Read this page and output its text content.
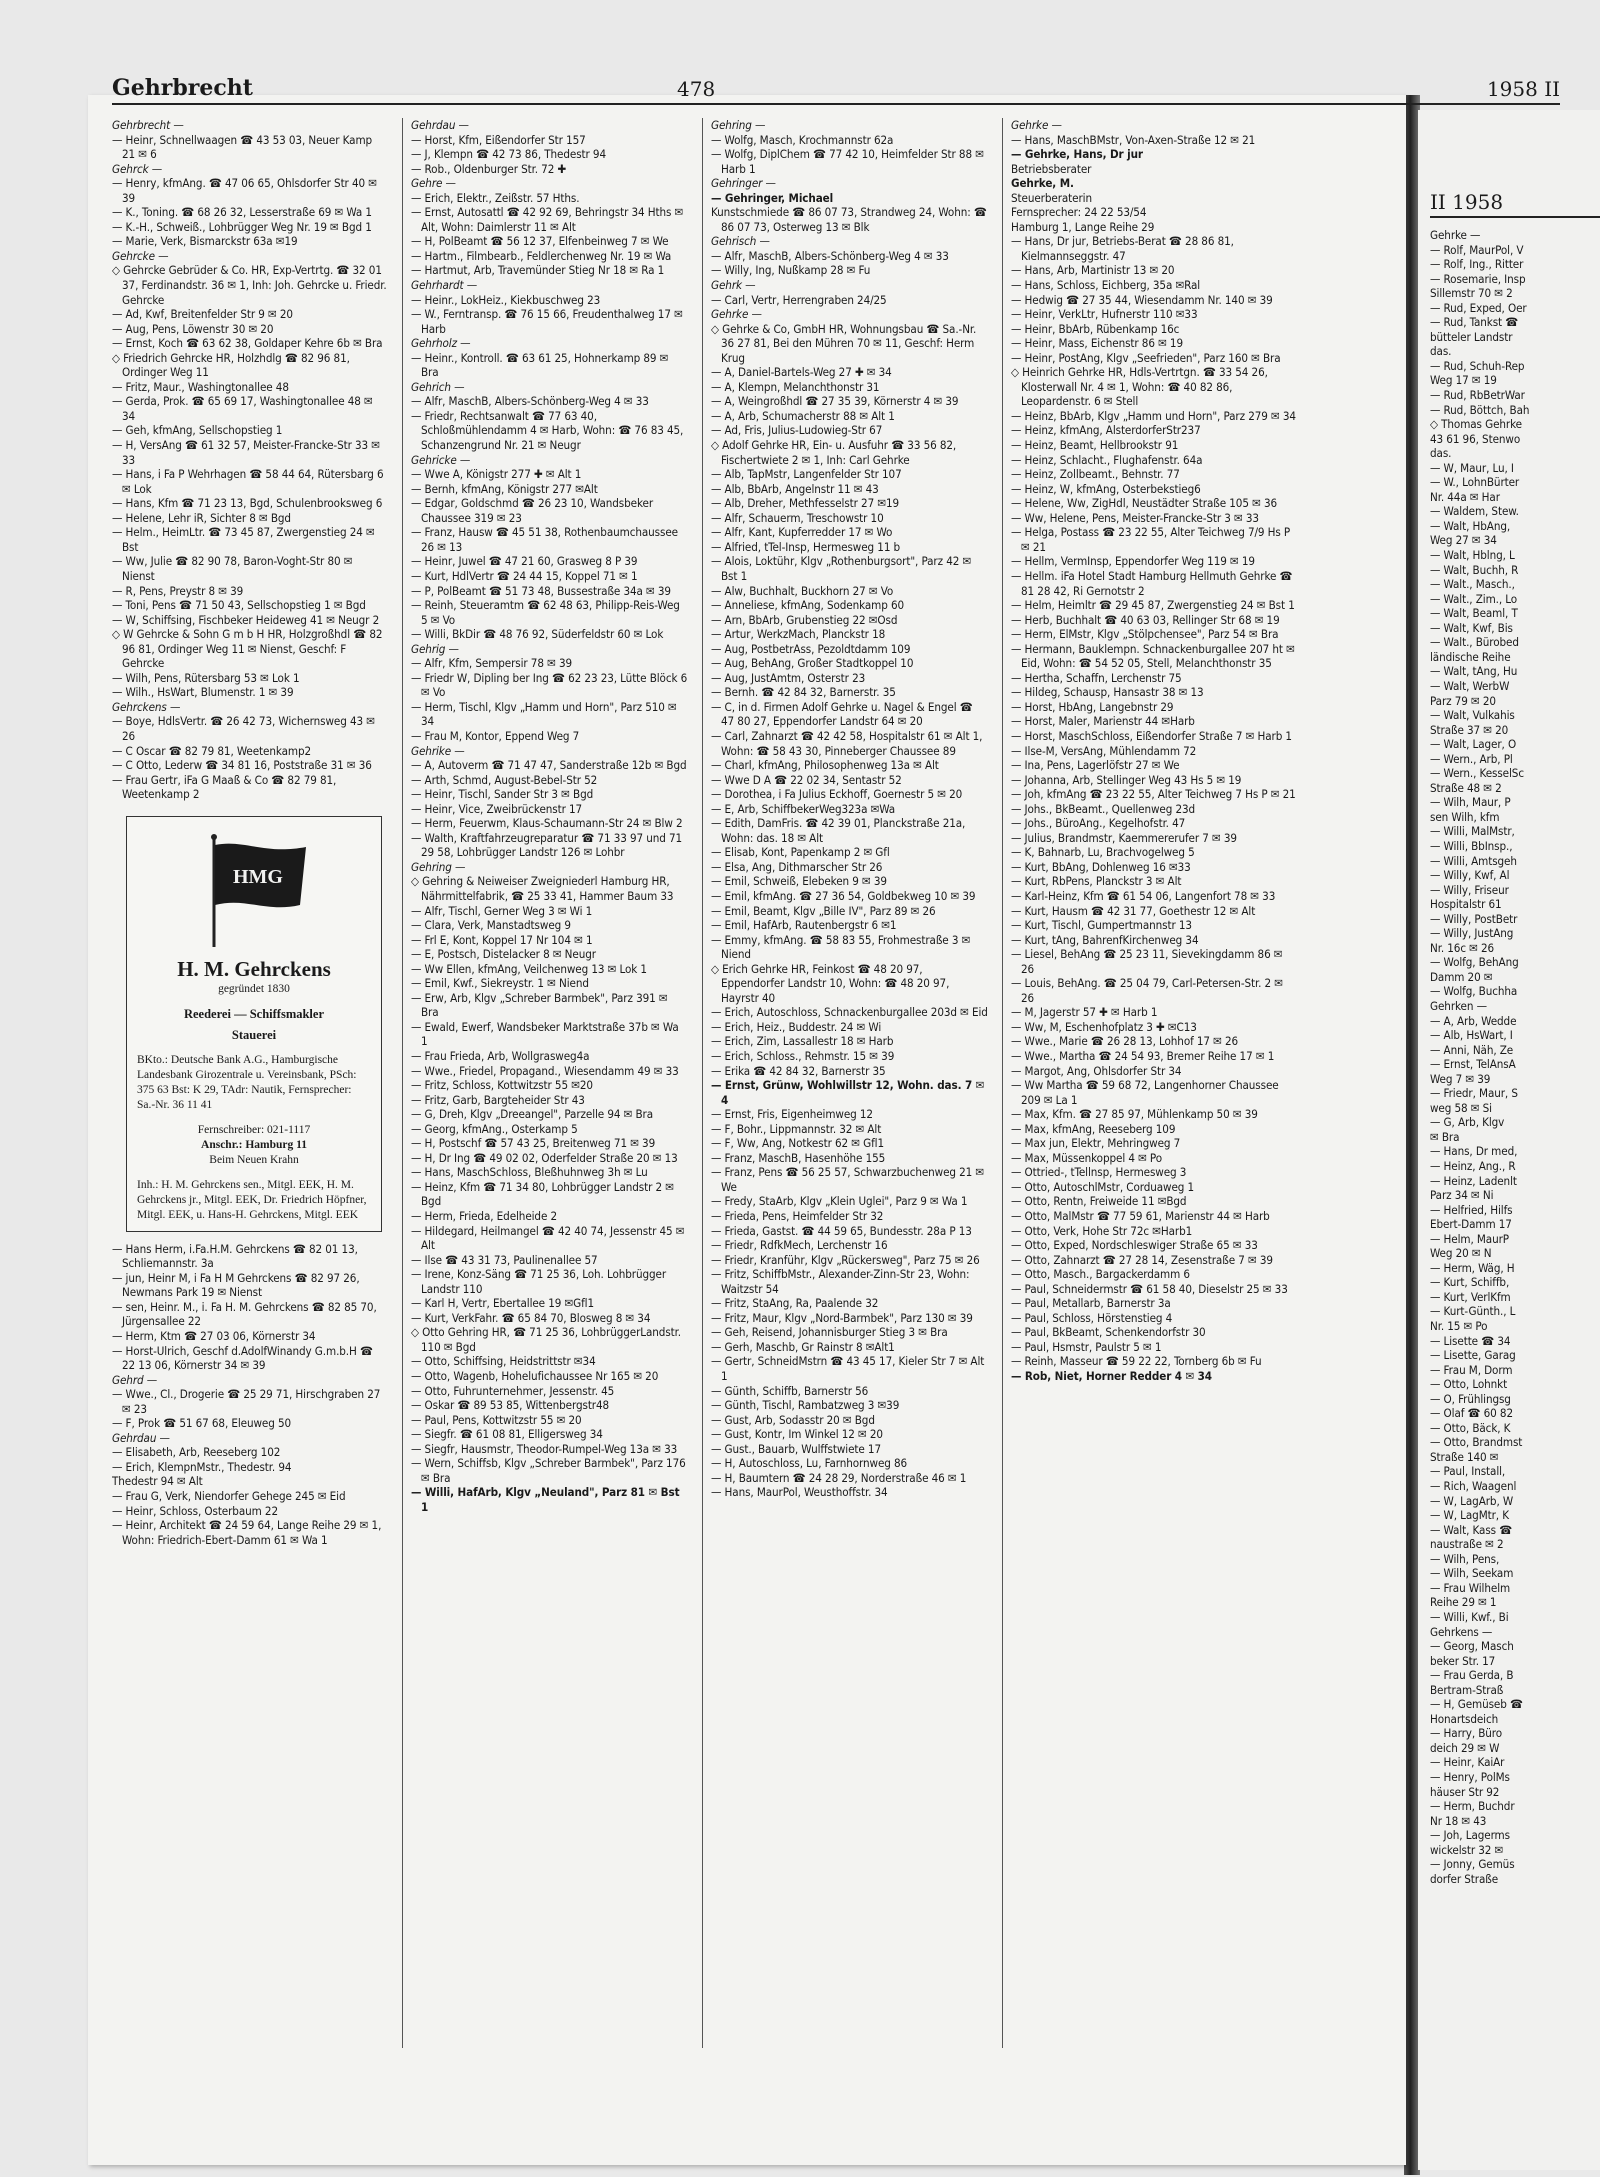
II 1958
Gehrke —
— Rolf, MaurPol, V
— Rolf, Ing., Ritter
— Rosemarie, Insp
Sillemstr 70 ✉ 2
— Rud, Exped, Oer
— Rud, Tankst ☎
bütteler Landstr
das.
— Rud, Schuh-Rep
Weg 17 ✉ 19
— Rud, RbBetrWar
— Rud, Böttch, Bah
◇ Thomas Gehrke
43 61 96, Stenwo
das.
— W, Maur, Lu, I
— W., LohnBürter
Nr. 44a ✉ Har
— Waldem, Stew.
— Walt, HbAng,
Weg 27 ✉ 34
— Walt, Hblng, L
— Walt, Buchh, R
— Walt., Masch.,
— Walt., Zim., Lo
— Walt, Beaml, T
— Walt, Kwf, Bis
— Walt., Bürobed
ländische Reihe
— Walt, tAng, Hu
— Walt, WerbW
Parz 79 ✉ 20
— Walt, Vulkahis
Straße 37 ✉ 20
— Walt, Lager, O
— Wern., Arb, Pl
— Wern., KesselSc
Straße 48 ✉ 2
— Wilh, Maur, P
sen Wilh, kfm
— Willi, MalMstr,
— Willi, BbInsp.,
— Willi, Amtsgeh
— Willy, Kwf, Al
— Willy, Friseur
Hospitalstr 61
— Willy, PostBetr
— Willy, JustAng
Nr. 16c ✉ 26
— Wolfg, BehAng
Damm 20 ✉
— Wolfg, Buchha
Gehrken —
— A, Arb, Wedde
— Alb, HsWart, I
— Anni, Näh, Ze
— Ernst, TelAnsA
Weg 7 ✉ 39
— Friedr, Maur, S
weg 58 ✉ Si
— G, Arb, Klgv
✉ Bra
— Hans, Dr med,
— Heinz, Ang., R
— Heinz, Ladenlt
Parz 34 ✉ Ni
— Helfried, Hilfs
Ebert-Damm 17
— Helm, MaurP
Weg 20 ✉ N
— Herm, Wäg, H
— Kurt, Schiffb,
— Kurt, VerlKfm
— Kurt-Günth., L
Nr. 15 ✉ Po
— Lisette ☎ 34
— Lisette, Garag
— Frau M, Dorm
— Otto, Lohnkt
— O, Frühlingsg
— Olaf ☎ 60 82
— Otto, Bäck, K
— Otto, Brandmst
Straße 140 ✉
— Paul, Install,
— Rich, Waagenl
— W, LagArb, W
— W, LagMtr, K
— Walt, Kass ☎
naustraße ✉ 2
— Wilh, Pens,
— Wilh, Seekam
— Frau Wilhelm
Reihe 29 ✉ 1
— Willi, Kwf., Bi
Gehrkens —
— Georg, Masch
beker Str. 17
— Frau Gerda, B
Bertram-Straß
— H, Gemüseb ☎
Honartsdeich
— Harry, Büro
deich 29 ✉ W
— Heinr, KaiAr
— Henry, PolMs
häuser Str 92
— Herm, Buchdr
Nr 18 ✉ 43
— Joh, Lagerms
wickelstr 32 ✉
— Jonny, Gemüs
dorfer Straße
Gehrbrecht	478	1958 II
Gehrbrecht —
— Heinr, Schnellwaagen ☎ 43 53 03, Neuer Kamp 21 ✉ 6
Gehrck —
— Henry, kfmAng. ☎ 47 06 65, Ohlsdorfer Str 40 ✉ 39
— K., Toning. ☎ 68 26 32, Lesserstraße 69 ✉ Wa 1
— K.-H., Schweiß., Lohbrügger Weg Nr. 19 ✉ Bgd 1
— Marie, Verk, Bismarckstr 63a ✉19
Gehrcke —
◇ Gehrcke Gebrüder & Co. HR, Exp-Vertrtg. ☎ 32 01 37, Ferdinandstr. 36 ✉ 1, Inh: Joh. Gehrcke u. Friedr. Gehrcke
— Ad, Kwf, Breitenfelder Str 9 ✉ 20
— Aug, Pens, Löwenstr 30 ✉ 20
— Ernst, Koch ☎ 63 62 38, Goldaper Kehre 6b ✉ Bra
◇ Friedrich Gehrcke HR, Holzhdlg ☎ 82 96 81, Ordinger Weg 11
— Fritz, Maur., Washingtonallee 48
— Gerda, Prok. ☎ 65 69 17, Washingtonallee 48 ✉ 34
— Geh, kfmAng, Sellschopstieg 1
— H, VersAng ☎ 61 32 57, Meister-Francke-Str 33 ✉ 33
— Hans, i Fa P Wehrhagen ☎ 58 44 64, Rütersbarg 6 ✉ Lok
— Hans, Kfm ☎ 71 23 13, Bgd, Schulenbrooksweg 6
— Helene, Lehr iR, Sichter 8 ✉ Bgd
— Helm., HeimLtr. ☎ 73 45 87, Zwergenstieg 24 ✉ Bst
— Ww, Julie ☎ 82 90 78, Baron-Voght-Str 80 ✉ Nienst
— R, Pens, Preystr 8 ✉ 39
— Toni, Pens ☎ 71 50 43, Sellschopstieg 1 ✉ Bgd
— W, Schiffsing, Fischbeker Heideweg 41 ✉ Neugr 2
◇ W Gehrcke & Sohn G m b H HR, Holzgroßhdl ☎ 82 96 81, Ordinger Weg 11 ✉ Nienst, Geschf: F Gehrcke
— Wilh, Pens, Rütersbarg 53 ✉ Lok 1
— Wilh., HsWart, Blumenstr. 1 ✉ 39
Gehrckens —
— Boye, HdlsVertr. ☎ 26 42 73, Wichernsweg 43 ✉ 26
— C Oscar ☎ 82 79 81, Weetenkamp2
— C Otto, Lederw ☎ 34 81 16, Poststraße 31 ✉ 36
— Frau Gertr, iFa G Maaß & Co ☎ 82 79 81, Weetenkamp 2
HMG
H. M. Gehrckens
gegründet 1830
Reederei — Schiffsmakler
Stauerei
BKto.: Deutsche Bank A.G., Hamburgische Landesbank Girozentrale u. Vereinsbank, PSch: 375 63 Bst: K 29, TAdr: Nautik, Fernsprecher: Sa.-Nr. 36 11 41
Fernschreiber: 021-1117
Anschr.: Hamburg 11
Beim Neuen Krahn
Inh.: H. M. Gehrckens sen., Mitgl. EEK, H. M. Gehrckens jr., Mitgl. EEK, Dr. Friedrich Höpfner, Mitgl. EEK, u. Hans-H. Gehrckens, Mitgl. EEK
— Hans Herm, i.Fa.H.M. Gehrckens ☎ 82 01 13, Schliemannstr. 3a
— jun, Heinr M, i Fa H M Gehrckens ☎ 82 97 26, Newmans Park 19 ✉ Nienst
— sen, Heinr. M., i. Fa H. M. Gehrckens ☎ 82 85 70, Jürgensallee 22
— Herm, Ktm ☎ 27 03 06, Körnerstr 34
— Horst-Ulrich, Geschf d.AdolfWinandy G.m.b.H ☎ 22 13 06, Körnerstr 34 ✉ 39
Gehrd —
— Wwe., Cl., Drogerie ☎ 25 29 71, Hirschgraben 27 ✉ 23
— F, Prok ☎ 51 67 68, Eleuweg 50
Gehrdau —
— Elisabeth, Arb, Reeseberg 102
— Erich, KlempnMstr., Thedestr. 94
Thedestr 94 ✉ Alt
— Frau G, Verk, Niendorfer Gehege 245 ✉ Eid
— Heinr, Schloss, Osterbaum 22
— Heinr, Architekt ☎ 24 59 64, Lange Reihe 29 ✉ 1, Wohn: Friedrich-Ebert-Damm 61 ✉ Wa 1
Gehrdau —
— Horst, Kfm, Eißendorfer Str 157
— J, Klempn ☎ 42 73 86, Thedestr 94
— Rob., Oldenburger Str. 72 ✚
Gehre —
— Erich, Elektr., Zeißstr. 57 Hths.
— Ernst, Autosattl ☎ 42 92 69, Behringstr 34 Hths ✉ Alt, Wohn: Daimlerstr 11 ✉ Alt
— H, PolBeamt ☎ 56 12 37, Elfenbeinweg 7 ✉ We
— Hartm., Filmbearb., Feldlerchenweg Nr. 19 ✉ Wa
— Hartmut, Arb, Travemünder Stieg Nr 18 ✉ Ra 1
Gehrhardt —
— Heinr., LokHeiz., Kiekbuschweg 23
— W., Ferntransp. ☎ 76 15 66, Freudenthalweg 17 ✉ Harb
Gehrholz —
— Heinr., Kontroll. ☎ 63 61 25, Hohnerkamp 89 ✉ Bra
Gehrich —
— Alfr, MaschB, Albers-Schönberg-Weg 4 ✉ 33
— Friedr, Rechtsanwalt ☎ 77 63 40, Schloßmühlendamm 4 ✉ Harb, Wohn: ☎ 76 83 45, Schanzengrund Nr. 21 ✉ Neugr
Gehricke —
— Wwe A, Königstr 277 ✚ ✉ Alt 1
— Bernh, kfmAng, Königstr 277 ✉Alt
— Edgar, Goldschmd ☎ 26 23 10, Wandsbeker Chaussee 319 ✉ 23
— Franz, Hausw ☎ 45 51 38, Rothenbaumchaussee 26 ✉ 13
— Heinr, Juwel ☎ 47 21 60, Grasweg 8 P 39
— Kurt, HdlVertr ☎ 24 44 15, Koppel 71 ✉ 1
— P, PolBeamt ☎ 51 73 48, Bussestraße 34a ✉ 39
— Reinh, Steueramtm ☎ 62 48 63, Philipp-Reis-Weg 5 ✉ Vo
— Willi, BkDir ☎ 48 76 92, Süderfeldstr 60 ✉ Lok
Gehrig —
— Alfr, Kfm, Sempersir 78 ✉ 39
— Friedr W, Dipling ber Ing ☎ 62 23 23, Lütte Blöck 6 ✉ Vo
— Herm, Tischl, Klgv „Hamm und Horn", Parz 510 ✉ 34
— Frau M, Kontor, Eppend Weg 7
Gehrike —
— A, Autoverm ☎ 71 47 47, Sanderstraße 12b ✉ Bgd
— Arth, Schmd, August-Bebel-Str 52
— Heinr, Tischl, Sander Str 3 ✉ Bgd
— Heinr, Vice, Zweibrückenstr 17
— Herm, Feuerwm, Klaus-Schaumann-Str 24 ✉ Blw 2
— Walth, Kraftfahrzeugreparatur ☎ 71 33 97 und 71 29 58, Lohbrügger Landstr 126 ✉ Lohbr
Gehring —
◇ Gehring & Neiweiser Zweigniederl Hamburg HR, Nährmittelfabrik, ☎ 25 33 41, Hammer Baum 33
— Alfr, Tischl, Gerner Weg 3 ✉ Wi 1
— Clara, Verk, Manstadtsweg 9
— Frl E, Kont, Koppel 17 Nr 104 ✉ 1
— E, Postsch, Distelacker 8 ✉ Neugr
— Ww Ellen, kfmAng, Veilchenweg 13 ✉ Lok 1
— Emil, Kwf., Siekreystr. 1 ✉ Niend
— Erw, Arb, Klgv „Schreber Barmbek", Parz 391 ✉ Bra
— Ewald, Ewerf, Wandsbeker Marktstraße 37b ✉ Wa 1
— Frau Frieda, Arb, Wollgrasweg4a
— Wwe., Friedel, Propagand., Wiesendamm 49 ✉ 33
— Fritz, Schloss, Kottwitzstr 55 ✉20
— Fritz, Garb, Bargteheider Str 43
— G, Dreh, Klgv „Dreeangel", Parzelle 94 ✉ Bra
— Georg, kfmAng., Osterkamp 5
— H, Postschf ☎ 57 43 25, Breitenweg 71 ✉ 39
— H, Dr Ing ☎ 49 02 02, Oderfelder Straße 20 ✉ 13
— Hans, MaschSchloss, Bleßhuhnweg 3h ✉ Lu
— Heinz, Kfm ☎ 71 34 80, Lohbrügger Landstr 2 ✉ Bgd
— Herm, Frieda, Edelheide 2
— Hildegard, Heilmangel ☎ 42 40 74, Jessenstr 45 ✉Alt
— Ilse ☎ 43 31 73, Paulinenallee 57
— Irene, Konz-Säng ☎ 71 25 36, Loh. Lohbrügger Landstr 110
— Karl H, Vertr, Ebertallee 19 ✉Gfl1
— Kurt, VerkFahr. ☎ 65 84 70, Blosweg 8 ✉ 34
◇ Otto Gehring HR, ☎ 71 25 36, LohbrüggerLandstr. 110 ✉ Bgd
— Otto, Schiffsing, Heidstrittstr ✉34
— Otto, Wagenb, Hohelufichaussee Nr 165 ✉ 20
— Otto, Fuhrunternehmer, Jessenstr. 45
— Oskar ☎ 89 53 85, Wittenbergstr48
— Paul, Pens, Kottwitzstr 55 ✉ 20
— Siegfr. ☎ 61 08 81, Elligersweg 34
— Siegfr, Hausmstr, Theodor-Rumpel-Weg 13a ✉ 33
— Wern, Schiffsb, Klgv „Schreber Barmbek", Parz 176 ✉ Bra
— Willi, HafArb, Klgv „Neuland", Parz 81 ✉ Bst 1
Gehring —
— Wolfg, Masch, Krochmannstr 62a
— Wolfg, DiplChem ☎ 77 42 10, Heimfelder Str 88 ✉ Harb 1
Gehringer —
— Gehringer, Michael
Kunstschmiede ☎ 86 07 73, Strandweg 24, Wohn: ☎ 86 07 73, Osterweg 13 ✉ Blk
Gehrisch —
— Alfr, MaschB, Albers-Schönberg-Weg 4 ✉ 33
— Willy, Ing, Nußkamp 28 ✉ Fu
Gehrk —
— Carl, Vertr, Herrengraben 24/25
Gehrke —
◇ Gehrke & Co, GmbH HR, Wohnungsbau ☎ Sa.-Nr. 36 27 81, Bei den Mühren 70 ✉ 11, Geschf: Herm Krug
— A, Daniel-Bartels-Weg 27 ✚ ✉ 34
— A, Klempn, Melanchthonstr 31
— A, Weingroßhdl ☎ 27 35 39, Körnerstr 4 ✉ 39
— A, Arb, Schumacherstr 88 ✉ Alt 1
— Ad, Fris, Julius-Ludowieg-Str 67
◇ Adolf Gehrke HR, Ein- u. Ausfuhr ☎ 33 56 82, Fischertwiete 2 ✉ 1, Inh: Carl Gehrke
— Alb, TapMstr, Langenfelder Str 107
— Alb, BbArb, Angelnstr 11 ✉ 43
— Alb, Dreher, Methfesselstr 27 ✉19
— Alfr, Schauerm, Treschowstr 10
— Alfr, Kant, Kupferredder 17 ✉ Wo
— Alfried, tTel-Insp, Hermesweg 11 b
— Alois, Loktühr, Klgv „Rothenburgsort", Parz 42 ✉ Bst 1
— Alw, Buchhalt, Buckhorn 27 ✉ Vo
— Anneliese, kfmAng, Sodenkamp 60
— Arn, BbArb, Grubenstieg 22 ✉Osd
— Artur, WerkzMach, Planckstr 18
— Aug, PostbetrAss, Pezoldtdamm 109
— Aug, BehAng, Großer Stadtkoppel 10
— Aug, JustAmtm, Osterstr 23
— Bernh. ☎ 42 84 32, Barnerstr. 35
— C, in d. Firmen Adolf Gehrke u. Nagel & Engel ☎ 47 80 27, Eppendorfer Landstr 64 ✉ 20
— Carl, Zahnarzt ☎ 42 42 58, Hospitalstr 61 ✉ Alt 1, Wohn: ☎ 58 43 30, Pinneberger Chaussee 89
— Charl, kfmAng, Philosophenweg 13a ✉ Alt
— Wwe D A ☎ 22 02 34, Sentastr 52
— Dorothea, i Fa Julius Eckhoff, Goernestr 5 ✉ 20
— E, Arb, SchiffbekerWeg323a ✉Wa
— Edith, DamFris. ☎ 42 39 01, Planckstraße 21a, Wohn: das. 18 ✉ Alt
— Elisab, Kont, Papenkamp 2 ✉ Gfl
— Elsa, Ang, Dithmarscher Str 26
— Emil, Schweiß, Elebeken 9 ✉ 39
— Emil, kfmAng. ☎ 27 36 54, Goldbekweg 10 ✉ 39
— Emil, Beamt, Klgv „Bille IV", Parz 89 ✉ 26
— Emil, HafArb, Rautenbergstr 6 ✉1
— Emmy, kfmAng. ☎ 58 83 55, Frohmestraße 3 ✉ Niend
◇ Erich Gehrke HR, Feinkost ☎ 48 20 97, Eppendorfer Landstr 10, Wohn: ☎ 48 20 97, Hayrstr 40
— Erich, Autoschloss, Schnackenburgallee 203d ✉ Eid
— Erich, Heiz., Buddestr. 24 ✉ Wi
— Erich, Zim, Lassallestr 18 ✉ Harb
— Erich, Schloss., Rehmstr. 15 ✉ 39
— Erika ☎ 42 84 32, Barnerstr 35
— Ernst, Grünw, Wohlwillstr 12, Wohn. das. 7 ✉ 4
— Ernst, Fris, Eigenheimweg 12
— F, Bohr., Lippmannstr. 32 ✉ Alt
— F, Ww, Ang, Notkestr 62 ✉ Gfl1
— Franz, MaschB, Hasenhöhe 155
— Franz, Pens ☎ 56 25 57, Schwarzbuchenweg 21 ✉ We
— Fredy, StaArb, Klgv „Klein Uglei", Parz 9 ✉ Wa 1
— Frieda, Pens, Heimfelder Str 32
— Frieda, Gastst. ☎ 44 59 65, Bundesstr. 28a P 13
— Friedr, RdfkMech, Lerchenstr 16
— Friedr, Kranführ, Klgv „Rückersweg", Parz 75 ✉ 26
— Fritz, SchiffbMstr., Alexander-Zinn-Str 23, Wohn: Waitzstr 54
— Fritz, StaAng, Ra, Paalende 32
— Fritz, Maur, Klgv „Nord-Barmbek", Parz 130 ✉ 39
— Geh, Reisend, Johannisburger Stieg 3 ✉ Bra
— Gerh, Maschb, Gr Rainstr 8 ✉Alt1
— Gertr, SchneidMstrn ☎ 43 45 17, Kieler Str 7 ✉ Alt 1
— Günth, Schiffb, Barnerstr 56
— Günth, Tischl, Rambatzweg 3 ✉39
— Gust, Arb, Sodasstr 20 ✉ Bgd
— Gust, Kontr, Im Winkel 12 ✉ 20
— Gust., Bauarb, Wulffstwiete 17
— H, Autoschloss, Lu, Farnhornweg 86
— H, Baumtern ☎ 24 28 29, Norderstraße 46 ✉ 1
— Hans, MaurPol, Weusthoffstr. 34
Gehrke —
— Hans, MaschBMstr, Von-Axen-Straße 12 ✉ 21
— Gehrke, Hans, Dr jur
Betriebsberater
Gehrke, M.
Steuerberaterin
Fernsprecher: 24 22 53/54
Hamburg 1, Lange Reihe 29
— Hans, Dr jur, Betriebs-Berat ☎ 28 86 81, Kielmannseggstr. 47
— Hans, Arb, Martinistr 13 ✉ 20
— Hans, Schloss, Eichberg, 35a ✉Ral
— Hedwig ☎ 27 35 44, Wiesendamm Nr. 140 ✉ 39
— Heinr, VerkLtr, Hufnerstr 110 ✉33
— Heinr, BbArb, Rübenkamp 16c
— Heinr, Mass, Eichenstr 86 ✉ 19
— Heinr, PostAng, Klgv „Seefrieden", Parz 160 ✉ Bra
◇ Heinrich Gehrke HR, Hdls-Vertrtgn. ☎ 33 54 26, Klosterwall Nr. 4 ✉ 1, Wohn: ☎ 40 82 86, Leopardenstr. 6 ✉ Stell
— Heinz, BbArb, Klgv „Hamm und Horn", Parz 279 ✉ 34
— Heinz, kfmAng, AlsterdorferStr237
— Heinz, Beamt, Hellbrookstr 91
— Heinz, Schlacht., Flughafenstr. 64a
— Heinz, Zollbeamt., Behnstr. 77
— Heinz, W, kfmAng, Osterbekstieg6
— Helene, Ww, ZigHdl, Neustädter Straße 105 ✉ 36
— Ww, Helene, Pens, Meister-Francke-Str 3 ✉ 33
— Helga, Postass ☎ 23 22 55, Alter Teichweg 7/9 Hs P ✉ 21
— Hellm, VermInsp, Eppendorfer Weg 119 ✉ 19
— Hellm. iFa Hotel Stadt Hamburg Hellmuth Gehrke ☎ 81 28 42, Ri Gernotstr 2
— Helm, Heimltr ☎ 29 45 87, Zwergenstieg 24 ✉ Bst 1
— Herb, Buchhalt ☎ 40 63 03, Rellinger Str 68 ✉ 19
— Herm, ElMstr, Klgv „Stölpchensee", Parz 54 ✉ Bra
— Hermann, Bauklempn. Schnackenburgallee 207 ht ✉ Eid, Wohn: ☎ 54 52 05, Stell, Melanchthonstr 35
— Hertha, Schaffn, Lerchenstr 75
— Hildeg, Schausp, Hansastr 38 ✉ 13
— Horst, HbAng, Langebnstr 29
— Horst, Maler, Marienstr 44 ✉Harb
— Horst, MaschSchloss, Eißendorfer Straße 7 ✉ Harb 1
— Ilse-M, VersAng, Mühlendamm 72
— Ina, Pens, Lagerlöfstr 27 ✉ We
— Johanna, Arb, Stellinger Weg 43 Hs 5 ✉ 19
— Joh, kfmAng ☎ 23 22 55, Alter Teichweg 7 Hs P ✉ 21
— Johs., BkBeamt., Quellenweg 23d
— Johs., BüroAng., Kegelhofstr. 47
— Julius, Brandmstr, Kaemmererufer 7 ✉ 39
— K, Bahnarb, Lu, Brachvogelweg 5
— Kurt, BbAng, Dohlenweg 16 ✉33
— Kurt, RbPens, Planckstr 3 ✉ Alt
— Karl-Heinz, Kfm ☎ 61 54 06, Langenfort 78 ✉ 33
— Kurt, Hausm ☎ 42 31 77, Goethestr 12 ✉ Alt
— Kurt, Tischl, Gumpertmannstr 13
— Kurt, tAng, BahrenfKirchenweg 34
— Liesel, BehAng ☎ 25 23 11, Sievekingdamm 86 ✉ 26
— Louis, BehAng. ☎ 25 04 79, Carl-Petersen-Str. 2 ✉ 26
— M, Jagerstr 57 ✚ ✉ Harb 1
— Ww, M, Eschenhofplatz 3 ✚ ✉C13
— Wwe., Marie ☎ 26 28 13, Lohhof 17 ✉ 26
— Wwe., Martha ☎ 24 54 93, Bremer Reihe 17 ✉ 1
— Margot, Ang, Ohlsdorfer Str 34
— Ww Martha ☎ 59 68 72, Langenhorner Chaussee 209 ✉ La 1
— Max, Kfm. ☎ 27 85 97, Mühlenkamp 50 ✉ 39
— Max, kfmAng, Reeseberg 109
— Max jun, Elektr, Mehringweg 7
— Max, Müssenkoppel 4 ✉ Po
— Ottried-, tTellnsp, Hermesweg 3
— Otto, AutoschlMstr, Corduaweg 1
— Otto, Rentn, Freiweide 11 ✉Bgd
— Otto, MalMstr ☎ 77 59 61, Marienstr 44 ✉ Harb
— Otto, Verk, Hohe Str 72c ✉Harb1
— Otto, Exped, Nordschleswiger Straße 65 ✉ 33
— Otto, Zahnarzt ☎ 27 28 14, Zesenstraße 7 ✉ 39
— Otto, Masch., Bargackerdamm 6
— Paul, Schneidermstr ☎ 61 58 40, Dieselstr 25 ✉ 33
— Paul, Metallarb, Barnerstr 3a
— Paul, Schloss, Hörstenstieg 4
— Paul, BkBeamt, Schenkendorfstr 30
— Paul, Hsmstr, Paulstr 5 ✉ 1
— Reinh, Masseur ☎ 59 22 22, Tornberg 6b ✉ Fu
— Rob, Niet, Horner Redder 4 ✉ 34
